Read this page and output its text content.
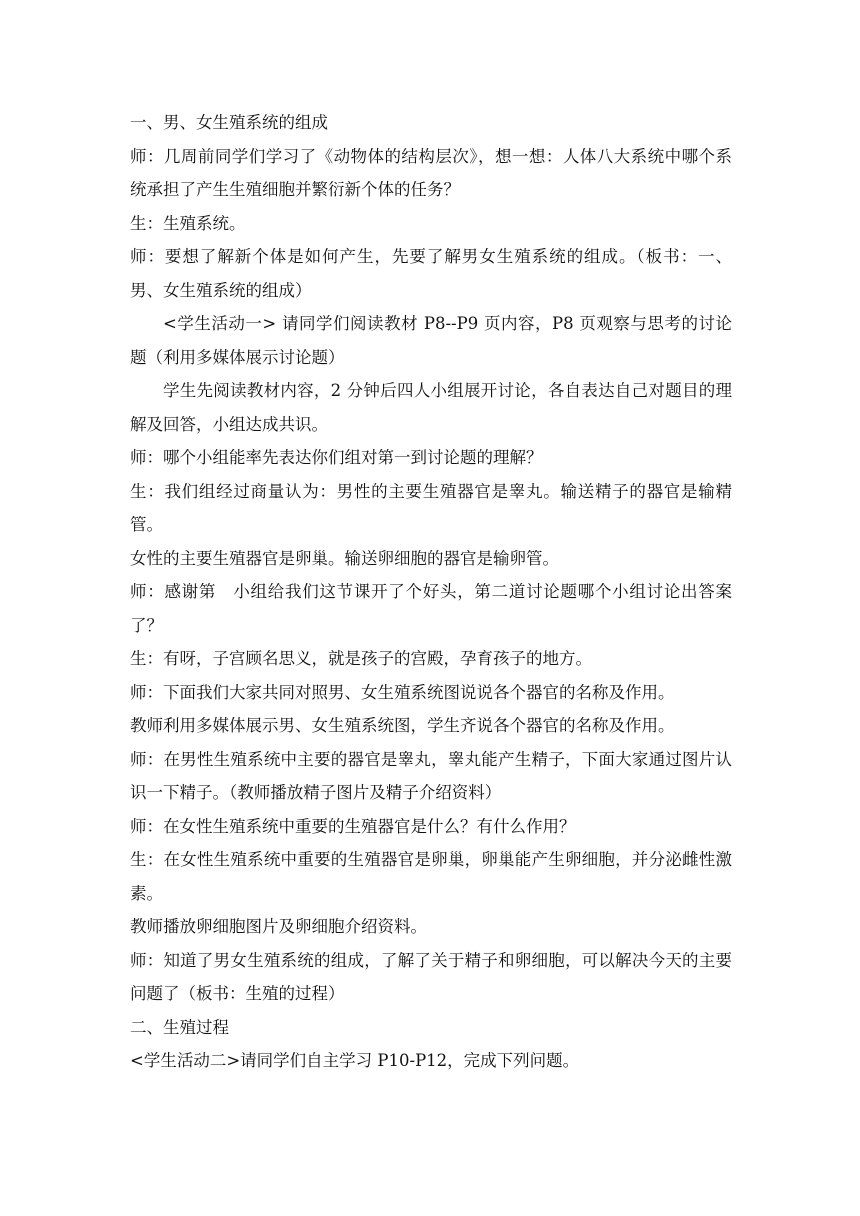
一、男、女生殖系统的组成

师：几周前同学们学习了《动物体的结构层次》，想一想：人体八大系统中哪个系统承担了产生生殖细胞并繁衍新个体的任务？

生：生殖系统。

师：要想了解新个体是如何产生，先要了解男女生殖系统的组成。（板书：一、男、女生殖系统的组成）

<学生活动一> 请同学们阅读教材 P8--P9 页内容，P8 页观察与思考的讨论题（利用多媒体展示讨论题）

学生先阅读教材内容，2 分钟后四人小组展开讨论，各自表达自己对题目的理解及回答，小组达成共识。

师：哪个小组能率先表达你们组对第一到讨论题的理解？

生：我们组经过商量认为：男性的主要生殖器官是睾丸。输送精子的器官是输精管。

女性的主要生殖器官是卵巢。输送卵细胞的器官是输卵管。

师：感谢第　小组给我们这节课开了个好头，第二道讨论题哪个小组讨论出答案了？

生：有呀，子宫顾名思义，就是孩子的宫殿，孕育孩子的地方。

师：下面我们大家共同对照男、女生殖系统图说说各个器官的名称及作用。

教师利用多媒体展示男、女生殖系统图，学生齐说各个器官的名称及作用。

师：在男性生殖系统中主要的器官是睾丸，睾丸能产生精子，下面大家通过图片认识一下精子。（教师播放精子图片及精子介绍资料）

师：在女性生殖系统中重要的生殖器官是什么？有什么作用？

生：在女性生殖系统中重要的生殖器官是卵巢，卵巢能产生卵细胞，并分泌雌性激素。

教师播放卵细胞图片及卵细胞介绍资料。

师：知道了男女生殖系统的组成，了解了关于精子和卵细胞，可以解决今天的主要问题了（板书：生殖的过程）

二、生殖过程

<学生活动二>请同学们自主学习 P10-P12，完成下列问题。
